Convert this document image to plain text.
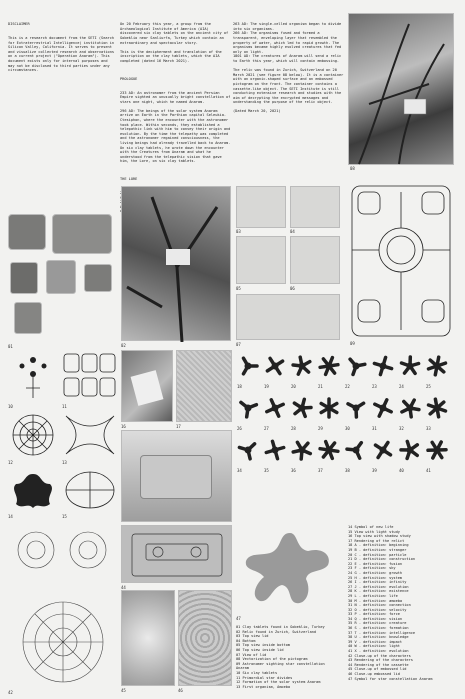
DISCLAIMER

This is a research document from the SETI (Search for Extraterrestrial Intelligence) institution in Silicon Valley, California. It serves to present and visualize collected research and observations on a current project ("Operation Anaram"). This document exists only for internal purposes and may not be disclosed to third parties under any circumstances.

On 20 February this year, a group from the Archaeological Institute of America (AIA) discovered six clay tablets on the ancient city of Gobeklio near Sanliurfa, Turkey which contain an extraordinary and spectacular story.

This is the decipherment and translation of the inscription on the clay tablets, which the AIA completed (dated 16 March 2021).

PROLOGUE

233 AD: An astronomer from the ancient Persian Empire sighted an unusually bright constellation of stars one night, which he named Anaram.

296 AD: The beings of the solar system Anaram arrive on Earth in the Parthian capital Seleukia-Ctesiphon, where the encounter with the astronomer took place. Within seconds, they established a telepathic link with him to convey their origin and evolution. By the time the telepathy was completed and the astronomer regained consciousness, the living beings had already travelled back to Anaram.
On six clay tablets, he wrote down the encounter with the Creatures from Anaram and what he understood from the telepathic vision that gave him, the Lore, on six clay tablets.

THE LORE

263 AD: The single-celled organism began to divide into six organisms.
266 AD: The organisms fused and formed a transparent, enveloping layer that resembled the property of water, which led to rapid growth. The organisms became highly evolved creatures that fed only on light.
1801 AD: The creatures of Anaram will send a relic to Earth this year, which will contain embossing.

The relic was found in Zurich, Switzerland on 20 March 2021 (see figure 08 below). It is a container with an organic-shaped surface and an embossed pictogram on the front. The container contains a cassette-like object. The SETI Institute is still conducting extensive research and studies with the aim of decrypting the encrypted messages and understanding the purpose of the relic object.

(Dated March 20, 2021)

08
01	02
03	04
05	06
07	09
10	11
12	13
14	15
16	17
18	19	20	21	22	23	24	25
26	27	28	29	30	31	32	33
34	35	36	37	38	39	40	41
42
44
45	46
47
01 Clay tablets found in Gobeklio, Turkey
02 Relic found in Zurich, Switzerland
03 Top view lid
04 Bottom
05 Top view inside bottom
06 Top view inside lid
07 View of lid
08 Vectorization of the pictogram
09 Astronomer sighting star constellation
Anaram
10 Six clay tablets
11 Primordial star divides
12 Formation of the solar system Anaram
13 First organism, Amoeba
14 Symbol of new life
15 View with light study
16 Top view with shadow study
17 Rendering of the relict
18 A - definition: beginning
19 B - definition: stranger
20 C - definition: particle
21 D - definition: construction
22 E - definition: fusion
23 F - definition: sky
24 G - definition: growth
25 H - definition: system
26 I - definition: infinity
27 J - definition: evolution
28 K - definition: existence
29 L - definition: life
30 M - definition: amoeba
31 N - definition: connection
32 O - definition: velocity
33 P - definition: force
34 Q - definition: vision
35 R - definition: creature
36 S - definition: formation
37 T - definition: intelligence
38 U - definition: knowledge
39 V - definition: impact
40 W - definition: light
41 X - definition: evolution
42 Close-up of the characters
43 Rendering of the characters
44 Rendering of the cassette
45 Close-up of embossed lid
46 Close-up embossed lid
47 Symbol for star constellation Anaram
